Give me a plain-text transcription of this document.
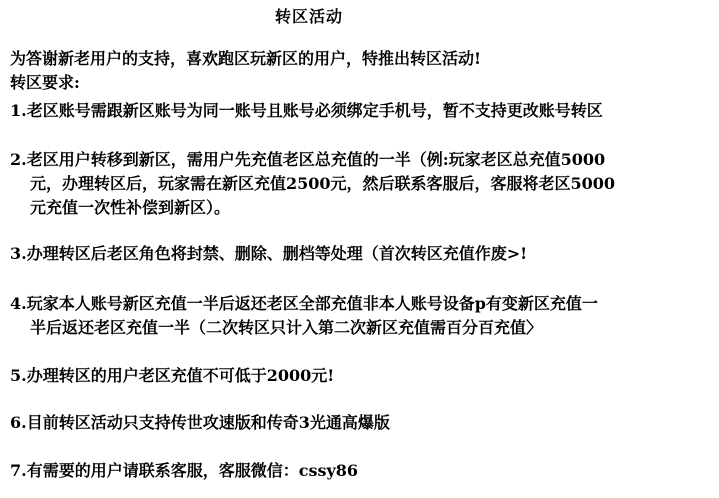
转区活动
为答谢新老用户的支持，喜欢跑区玩新区的用户，特推出转区活动!
转区要求:
1.老区账号需跟新区账号为同一账号且账号必须绑定手机号，暂不支持更改账号转区
2.老区用户转移到新区，需用户先充值老区总充值的一半（例:玩家老区总充值5000
元，办理转区后，玩家需在新区充值2500元，然后联系客服后，客服将老区5000
元充值一次性补偿到新区）。
3.办理转区后老区角色将封禁、删除、删档等处理（首次转区充值作废>!
4.玩家本人账号新区充值一半后返还老区全部充值非本人账号设备p有变新区充值一
半后返还老区充值一半（二次转区只计入第二次新区充值需百分百充值〉
5.办理转区的用户老区充值不可低于2000元!
6.目前转区活动只支持传世攻速版和传奇3光通高爆版
7.有需要的用户请联系客服，客服微信：cssy86
